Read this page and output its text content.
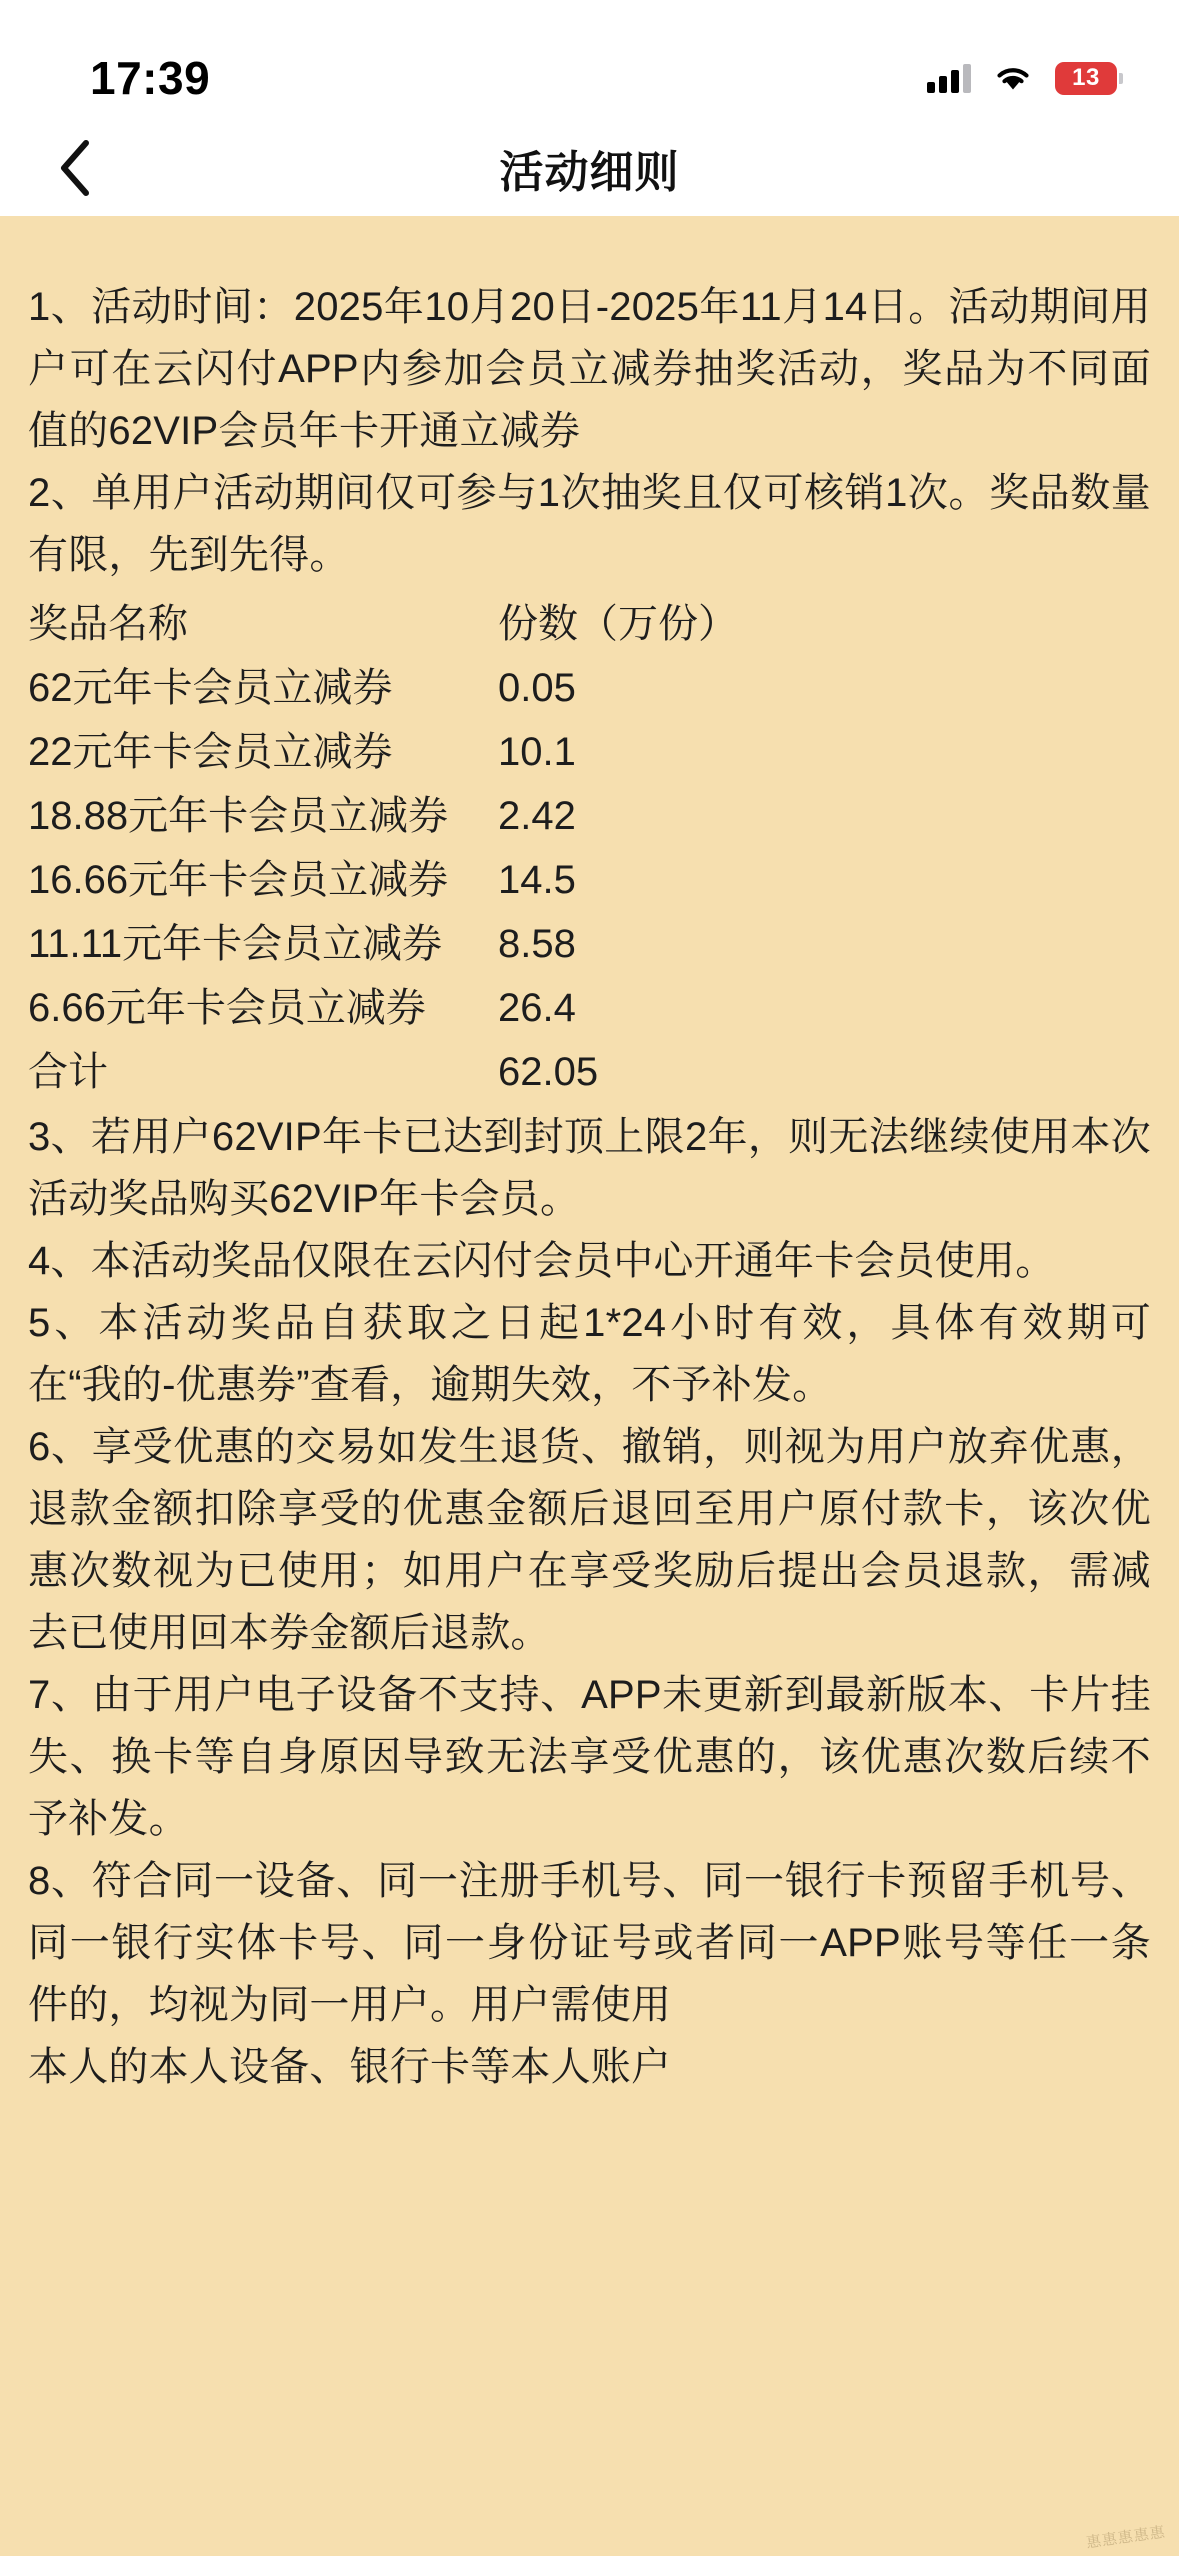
17:39	13
活动细则
1、活动时间：2025年10月20日-2025年11月14日。活动期间用户可在云闪付APP内参加会员立减券抽奖活动，奖品为不同面值的62VIP会员年卡开通立减券
2、单用户活动期间仅可参与1次抽奖且仅可核销1次。奖品数量有限，先到先得。
奖品名称	份数（万份）
62元年卡会员立减券	0.05
22元年卡会员立减券	10.1
18.88元年卡会员立减券	2.42
16.66元年卡会员立减券	14.5
11.11元年卡会员立减券	8.58
6.66元年卡会员立减券	26.4
合计	62.05
3、若用户62VIP年卡已达到封顶上限2年，则无法继续使用本次活动奖品购买62VIP年卡会员。
4、本活动奖品仅限在云闪付会员中心开通年卡会员使用。
5、本活动奖品自获取之日起1*24小时有效，具体有效期可在“我的-优惠券”查看，逾期失效，不予补发。
6、享受优惠的交易如发生退货、撤销，则视为用户放弃优惠，退款金额扣除享受的优惠金额后退回至用户原付款卡，该次优惠次数视为已使用；如用户在享受奖励后提出会员退款，需减去已使用回本券金额后退款。
7、由于用户电子设备不支持、APP未更新到最新版本、卡片挂失、换卡等自身原因导致无法享受优惠的，该优惠次数后续不予补发。
8、符合同一设备、同一注册手机号、同一银行卡预留手机号、同一银行实体卡号、同一身份证号或者同一APP账号等任一条件的，均视为同一用户。用户需使用
本人的本人设备、银行卡等本人账户
惠惠惠惠惠
